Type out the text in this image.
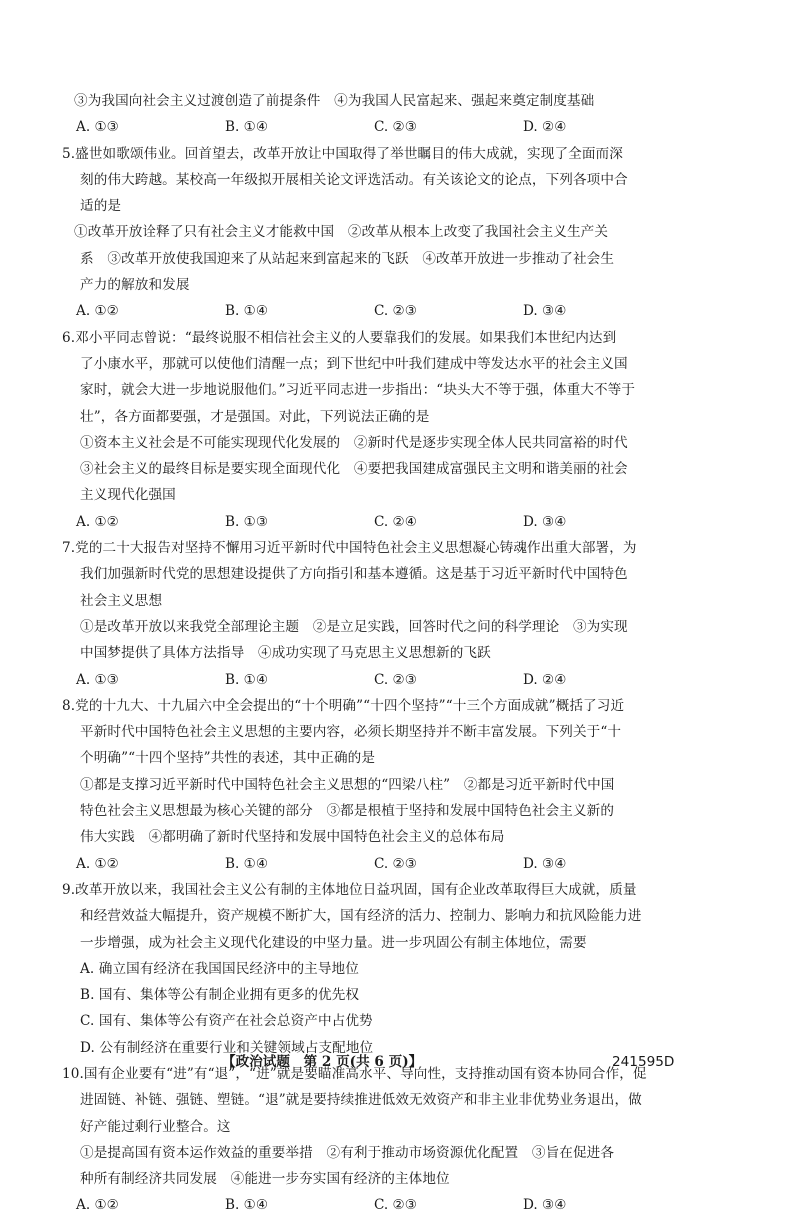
③为我国向社会主义过渡创造了前提条件　④为我国人民富起来、强起来奠定制度基础
A. ①③	B. ①④	C. ②③	D. ②④
5.盛世如歌颂伟业。回首望去，改革开放让中国取得了举世瞩目的伟大成就，实现了全面而深
刻的伟大跨越。某校高一年级拟开展相关论文评选活动。有关该论文的论点，下列各项中合
适的是
①改革开放诠释了只有社会主义才能救中国　②改革从根本上改变了我国社会主义生产关
系　③改革开放使我国迎来了从站起来到富起来的飞跃　④改革开放进一步推动了社会生
产力的解放和发展
A. ①②	B. ①④	C. ②③	D. ③④
6.邓小平同志曾说：“最终说服不相信社会主义的人要靠我们的发展。如果我们本世纪内达到
了小康水平，那就可以使他们清醒一点；到下世纪中叶我们建成中等发达水平的社会主义国
家时，就会大进一步地说服他们。”习近平同志进一步指出：“块头大不等于强，体重大不等于
壮”，各方面都要强，才是强国。对此，下列说法正确的是
①资本主义社会是不可能实现现代化发展的　②新时代是逐步实现全体人民共同富裕的时代
③社会主义的最终目标是要实现全面现代化　④要把我国建成富强民主文明和谐美丽的社会
主义现代化强国
A. ①②	B. ①③	C. ②④	D. ③④
7.党的二十大报告对坚持不懈用习近平新时代中国特色社会主义思想凝心铸魂作出重大部署，为
我们加强新时代党的思想建设提供了方向指引和基本遵循。这是基于习近平新时代中国特色
社会主义思想
①是改革开放以来我党全部理论主题　②是立足实践，回答时代之问的科学理论　③为实现
中国梦提供了具体方法指导　④成功实现了马克思主义思想新的飞跃
A. ①③	B. ①④	C. ②③	D. ②④
8.党的十九大、十九届六中全会提出的“十个明确”“十四个坚持”“十三个方面成就”概括了习近
平新时代中国特色社会主义思想的主要内容，必须长期坚持并不断丰富发展。下列关于“十
个明确”“十四个坚持”共性的表述，其中正确的是
①都是支撑习近平新时代中国特色社会主义思想的“四梁八柱”　②都是习近平新时代中国
特色社会主义思想最为核心关键的部分　③都是根植于坚持和发展中国特色社会主义新的
伟大实践　④都明确了新时代坚持和发展中国特色社会主义的总体布局
A. ①②	B. ①④	C. ②③	D. ③④
9.改革开放以来，我国社会主义公有制的主体地位日益巩固，国有企业改革取得巨大成就，质量
和经营效益大幅提升，资产规模不断扩大，国有经济的活力、控制力、影响力和抗风险能力进
一步增强，成为社会主义现代化建设的中坚力量。进一步巩固公有制主体地位，需要
A. 确立国有经济在我国国民经济中的主导地位
B. 国有、集体等公有制企业拥有更多的优先权
C. 国有、集体等公有资产在社会总资产中占优势
D. 公有制经济在重要行业和关键领域占支配地位
10.国有企业要有“进”有“退”，“进”就是要瞄准高水平、导向性，支持推动国有资本协同合作，促
进固链、补链、强链、塑链。“退”就是要持续推进低效无效资产和非主业非优势业务退出，做
好产能过剩行业整合。这
①是提高国有资本运作效益的重要举措　②有利于推动市场资源优化配置　③旨在促进各
种所有制经济共同发展　④能进一步夯实国有经济的主体地位
A. ①②	B. ①④	C. ②③	D. ③④
【政治试题　第 2 页(共 6 页)】	241595D
